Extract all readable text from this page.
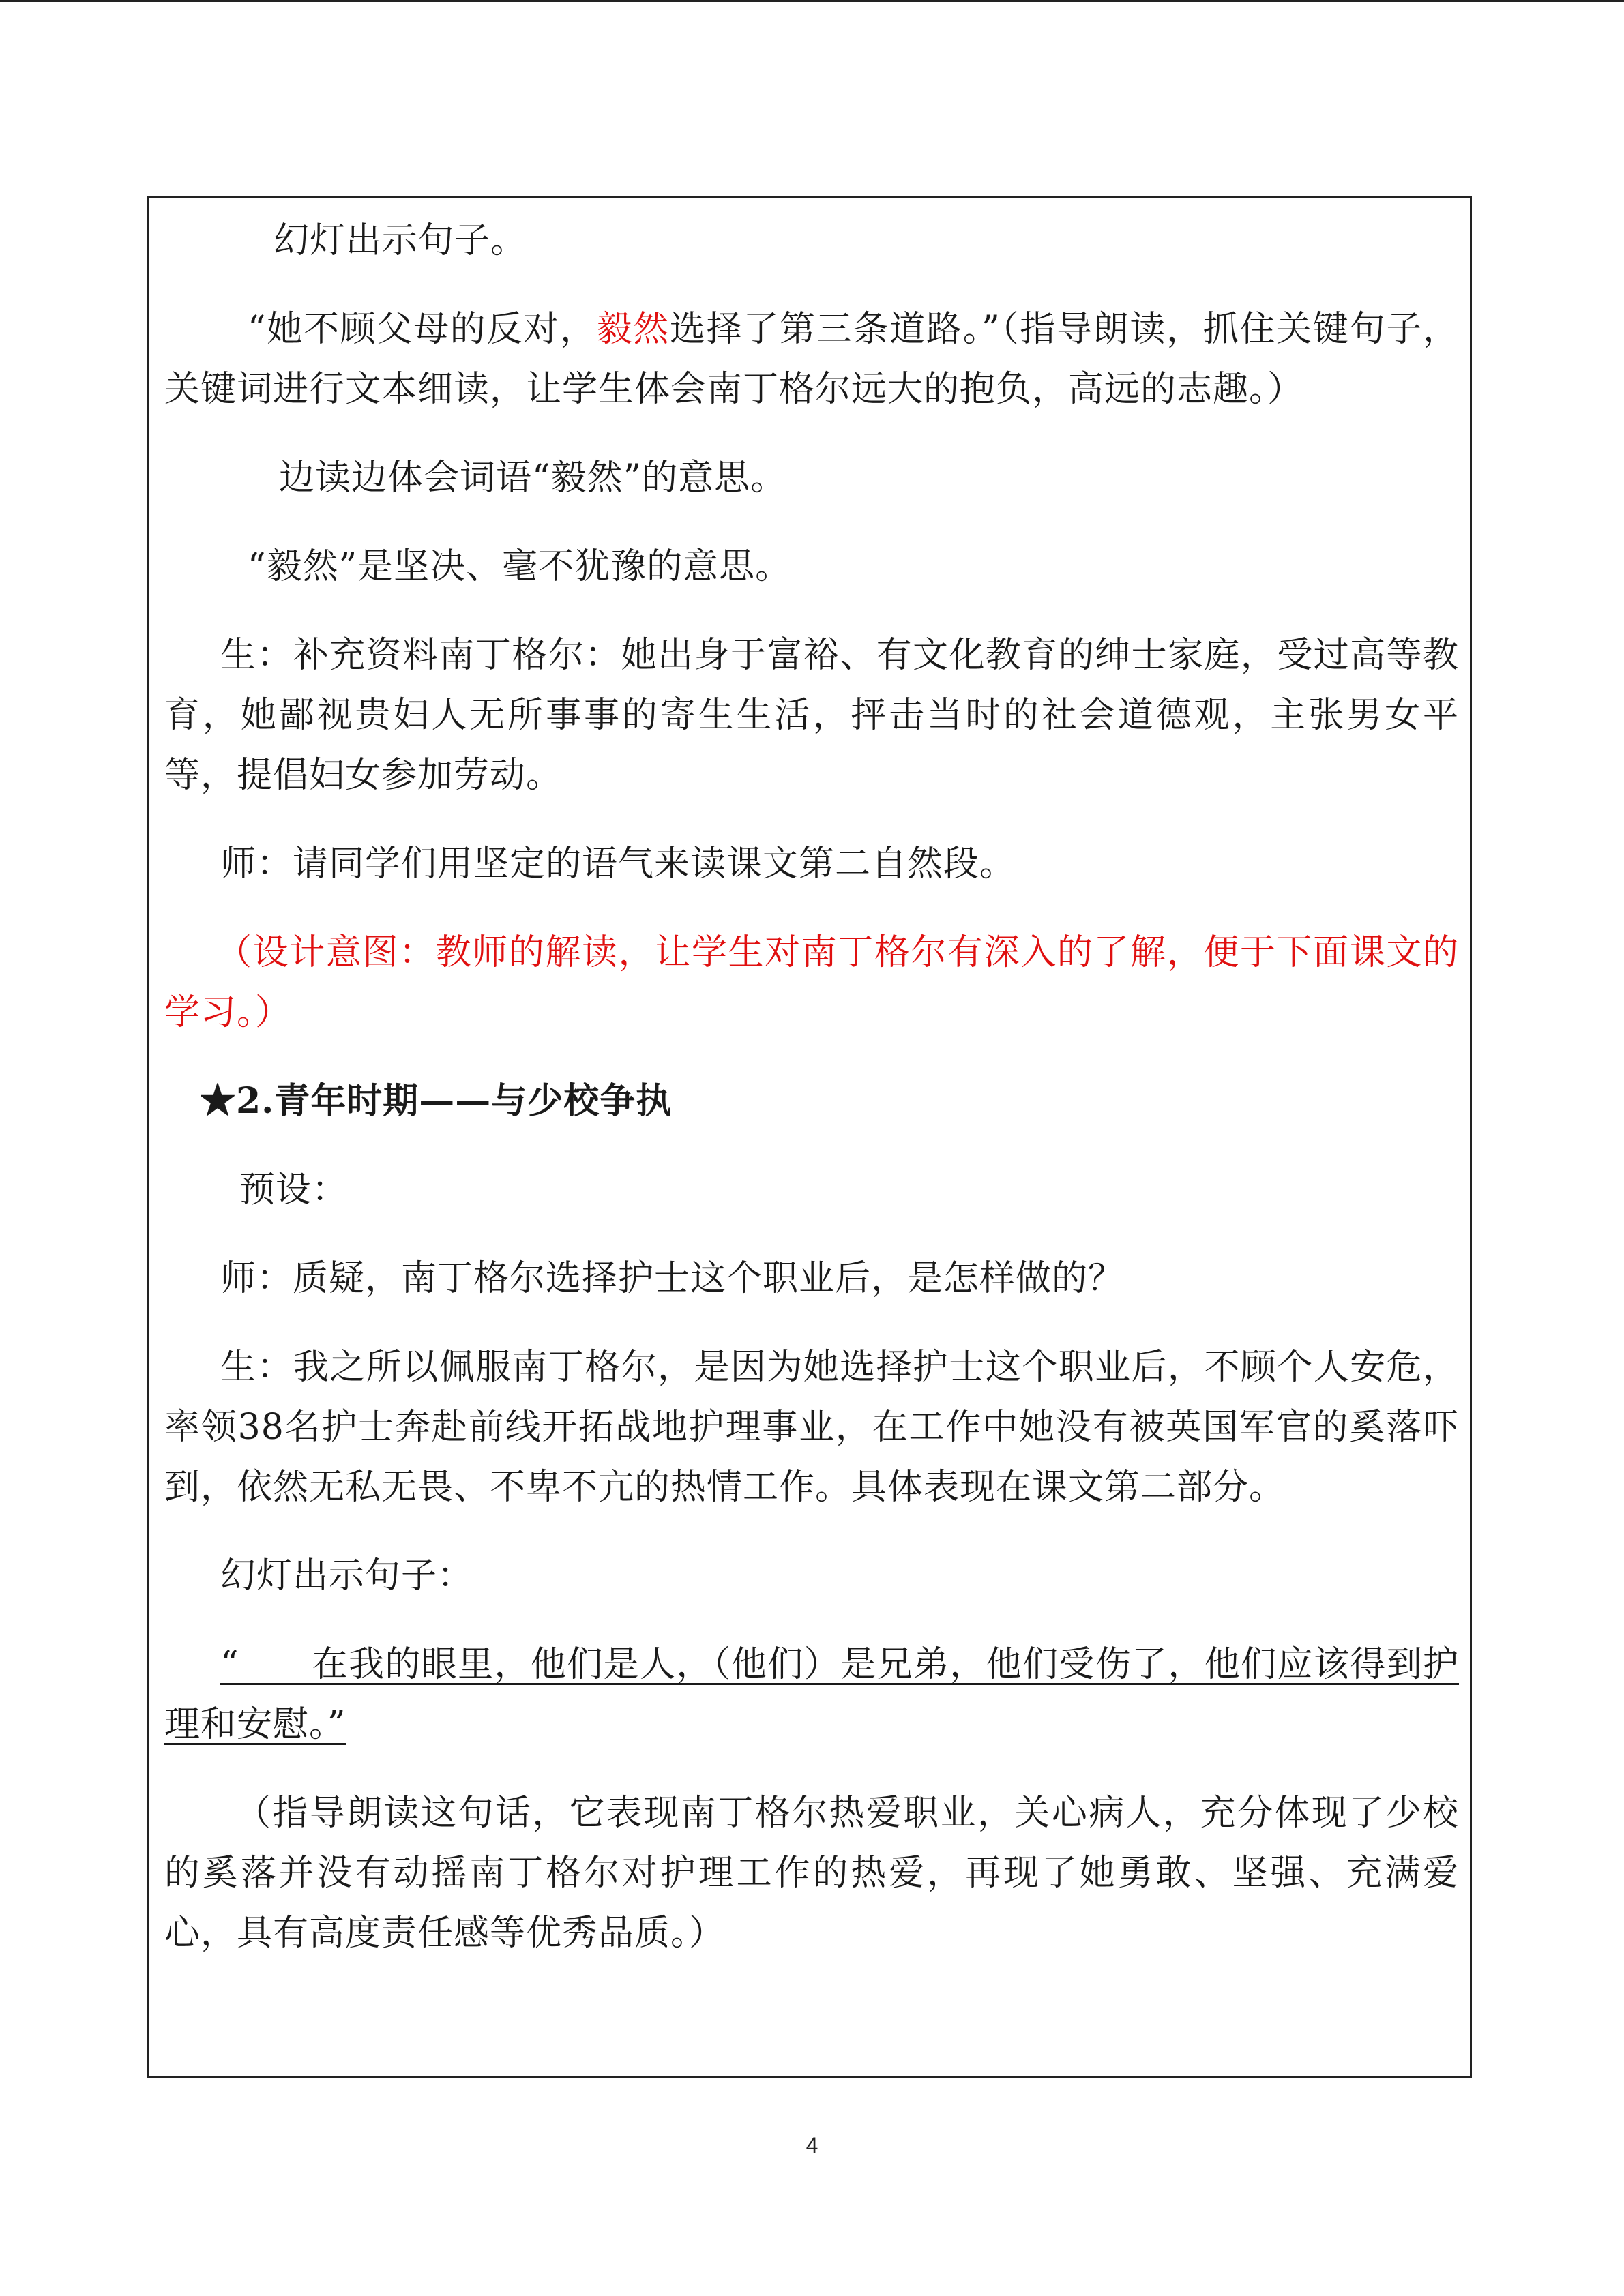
幻灯出示句子。

“她不顾父母的反对，毅然选择了第三条道路。”（指导朗读，抓住关键句子，关键词进行文本细读，让学生体会南丁格尔远大的抱负，高远的志趣。）

边读边体会词语“毅然”的意思。

“毅然”是坚决、毫不犹豫的意思。

生：补充资料南丁格尔：她出身于富裕、有文化教育的绅士家庭，受过高等教育，她鄙视贵妇人无所事事的寄生生活，抨击当时的社会道德观，主张男女平等，提倡妇女参加劳动。

师：请同学们用坚定的语气来读课文第二自然段。

（设计意图：教师的解读，让学生对南丁格尔有深入的了解，便于下面课文的学习。）

★2.青年时期——与少校争执

预设：

师：质疑，南丁格尔选择护士这个职业后，是怎样做的？

生：我之所以佩服南丁格尔，是因为她选择护士这个职业后，不顾个人安危，率领38名护士奔赴前线开拓战地护理事业，在工作中她没有被英国军官的奚落吓到，依然无私无畏、不卑不亢的热情工作。具体表现在课文第二部分。

幻灯出示句子：

“　　在我的眼里，他们是人，（他们）是兄弟，他们受伤了，他们应该得到护理和安慰。”

（指导朗读这句话，它表现南丁格尔热爱职业，关心病人，充分体现了少校的奚落并没有动摇南丁格尔对护理工作的热爱，再现了她勇敢、坚强、充满爱心，具有高度责任感等优秀品质。）

4
